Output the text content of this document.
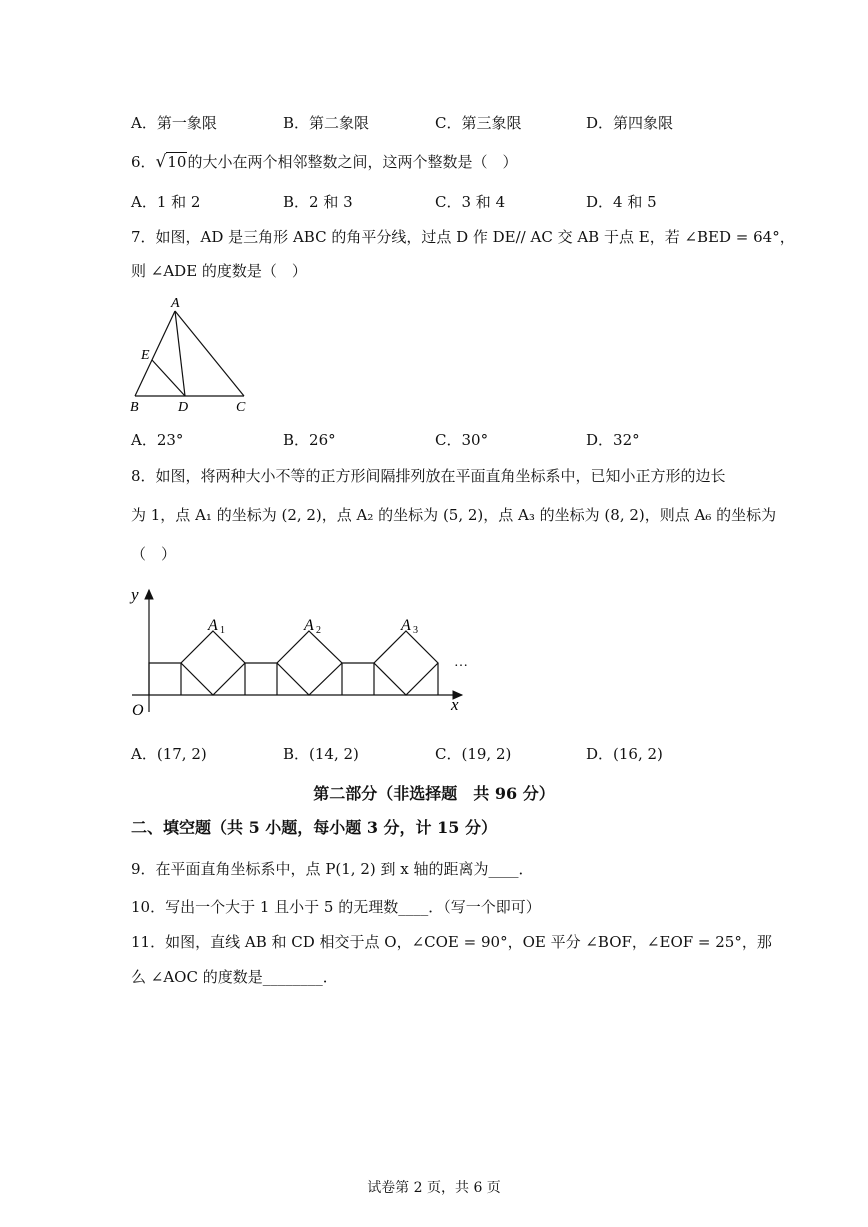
A．第一象限	B．第二象限	C．第三象限	D．第四象限
6．√10的大小在两个相邻整数之间，这两个整数是（　）
A．1 和 2	B．2 和 3	C．3 和 4	D．4 和 5
7．如图，AD 是三角形 ABC 的角平分线，过点 D 作 DE// AC 交 AB 于点 E，若 ∠BED = 64°，
则 ∠ADE 的度数是（　）
A
E
B	D	C
A．23°	B．26°	C．30°	D．32°
8．如图，将两种大小不等的正方形间隔排列放在平面直角坐标系中，已知小正方形的边长
为 1，点 A₁ 的坐标为 (2, 2)，点 A₂ 的坐标为 (5, 2)，点 A₃ 的坐标为 (8, 2)，则点 A₆ 的坐标为
（　）
y
x
O
A 1	A 2	A 3
…
A．(17, 2)	B．(14, 2)	C．(19, 2)	D．(16, 2)
第二部分（非选择题　共 96 分）
二、填空题（共 5 小题，每小题 3 分，计 15 分）
9．在平面直角坐标系中，点 P(1, 2) 到 x 轴的距离为____．
10．写出一个大于 1 且小于 5 的无理数____．（写一个即可）
11．如图，直线 AB 和 CD 相交于点 O，∠COE = 90°，OE 平分 ∠BOF，∠EOF = 25°，那
么 ∠AOC 的度数是________．
试卷第 2 页，共 6 页
